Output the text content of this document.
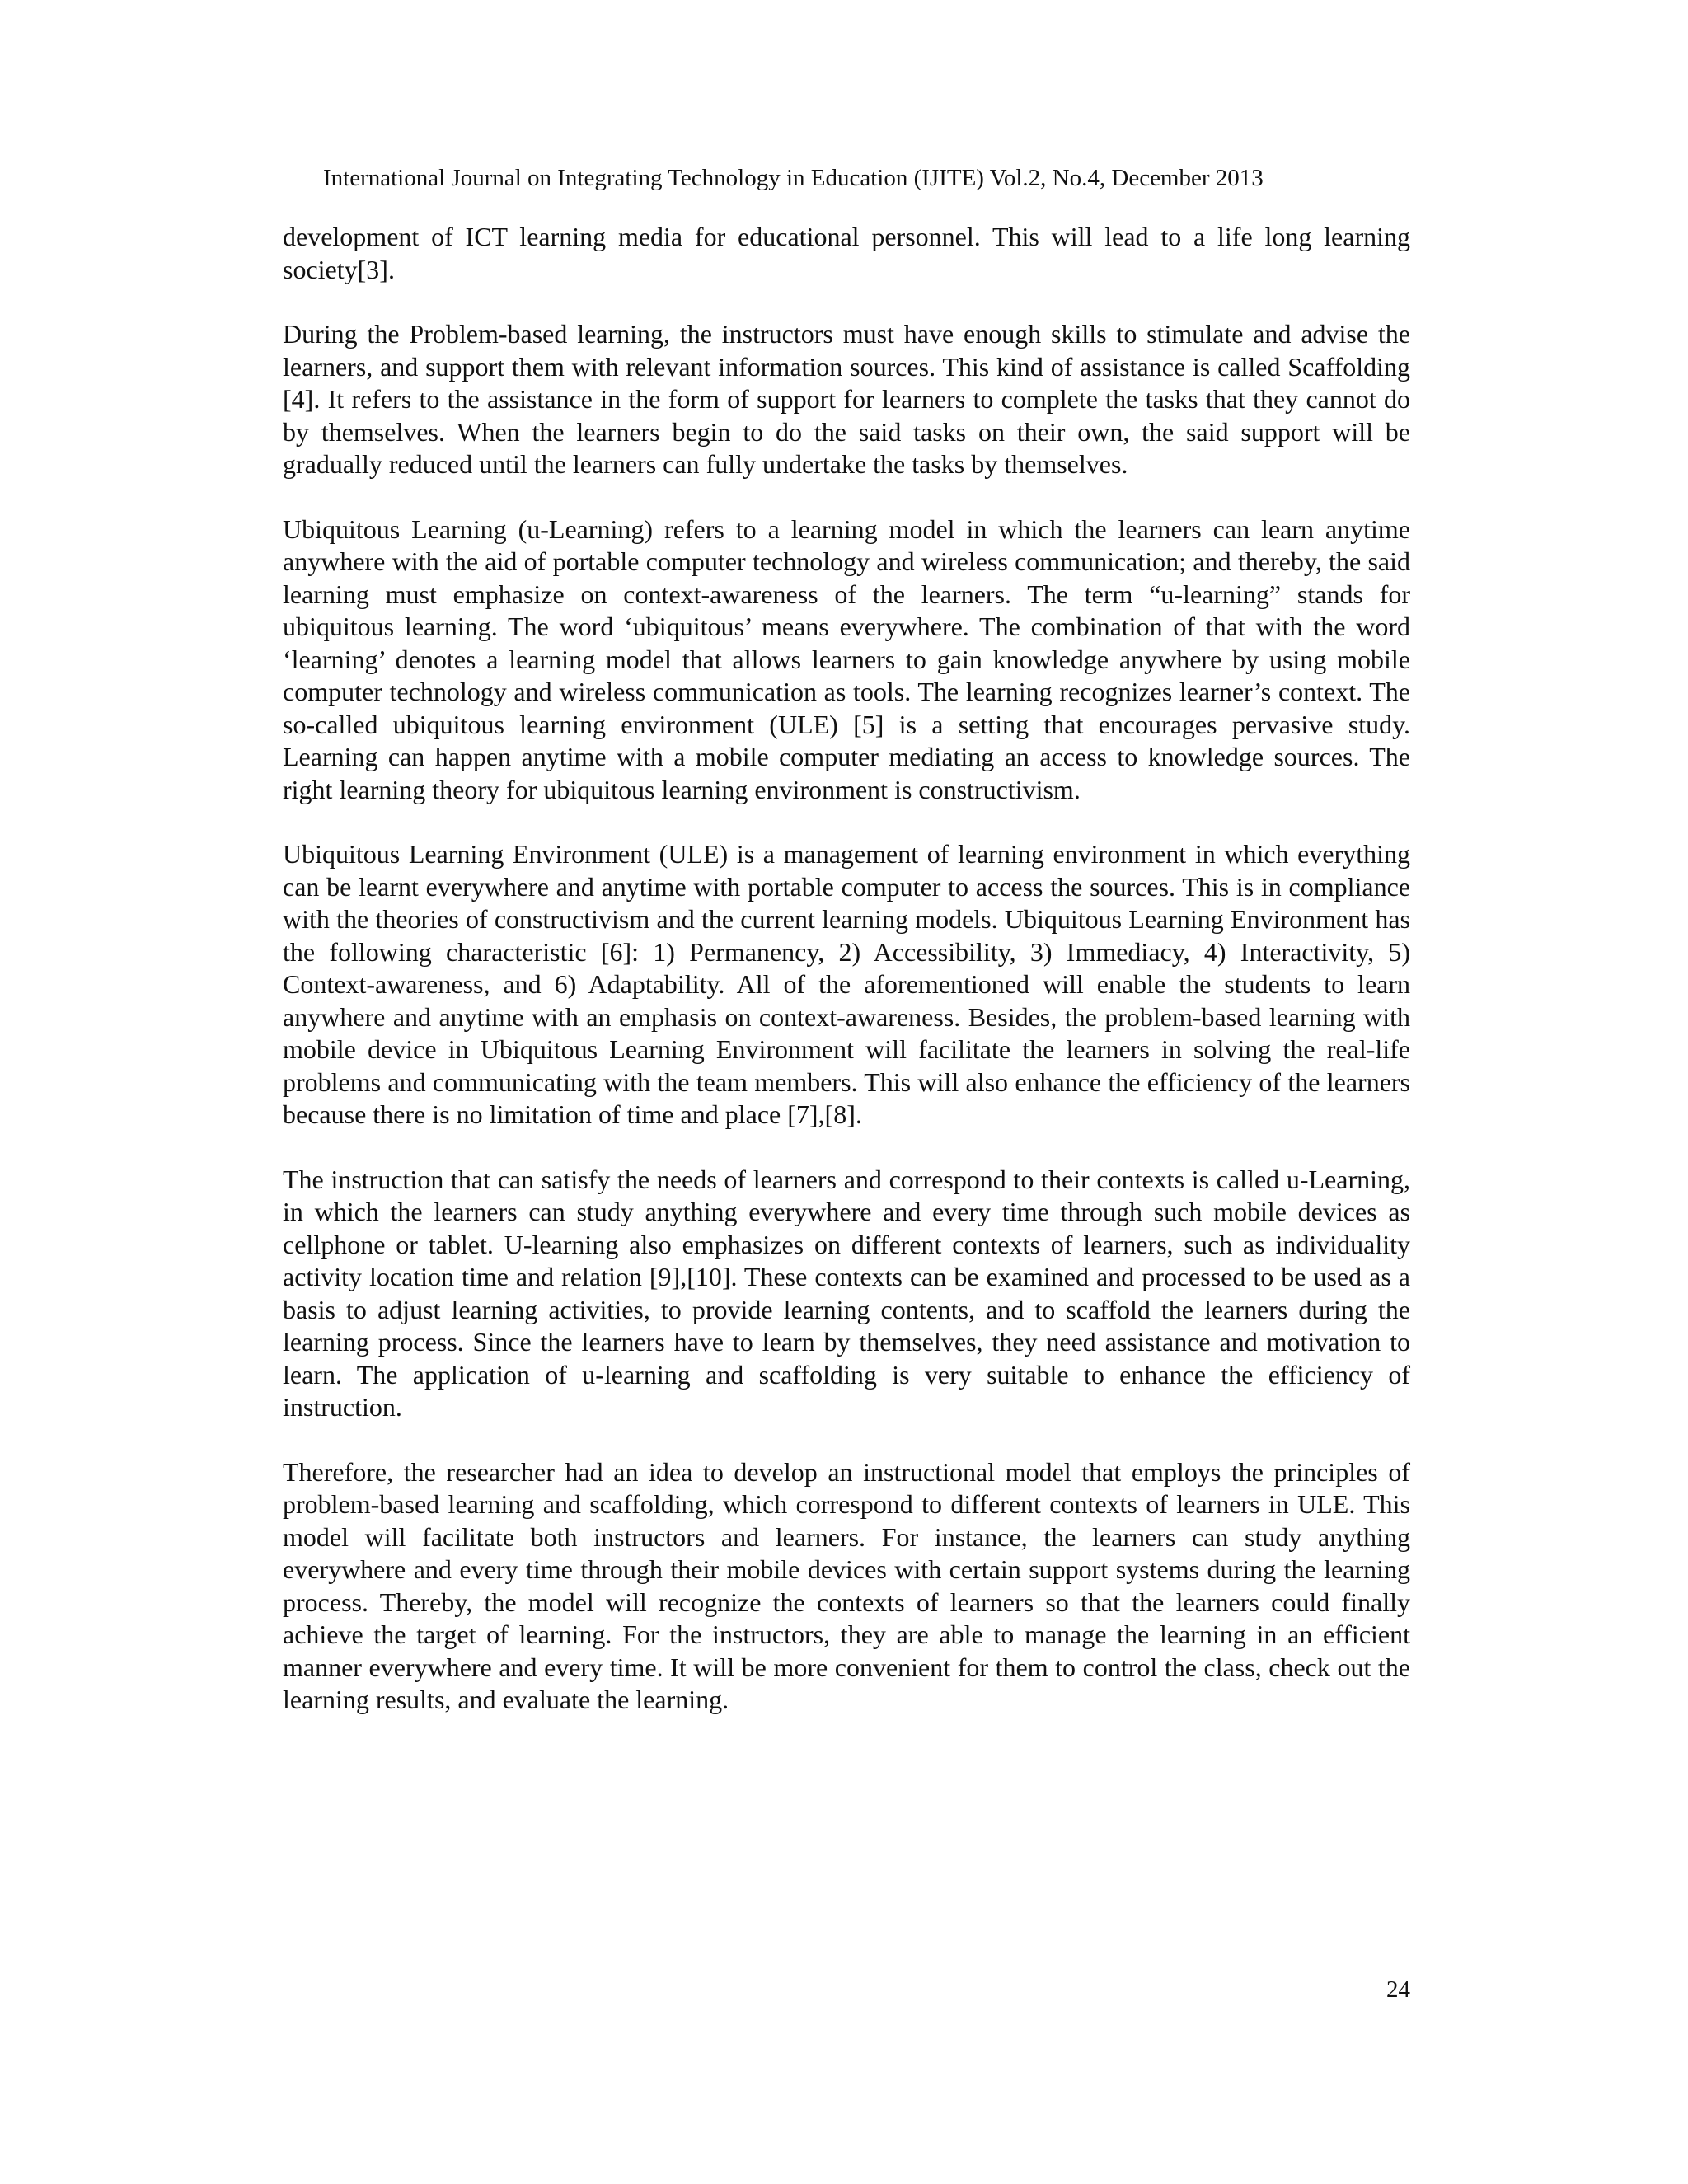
International Journal on Integrating Technology in Education (IJITE) Vol.2, No.4, December 2013

development of ICT learning media for educational personnel. This will lead to a life long learning society[3].

During the Problem-based learning, the instructors must have enough skills to stimulate and advise the learners, and support them with relevant information sources. This kind of assistance is called Scaffolding [4]. It refers to the assistance in the form of support for learners to complete the tasks that they cannot do by themselves. When the learners begin to do the said tasks on their own, the said support will be gradually reduced until the learners can fully undertake the tasks by themselves.

Ubiquitous Learning (u-Learning) refers to a learning model in which the learners can learn anytime anywhere with the aid of portable computer technology and wireless communication; and thereby, the said learning must emphasize on context-awareness of the learners. The term “u-learning” stands for ubiquitous learning. The word ‘ubiquitous’ means everywhere. The combination of that with the word ‘learning’ denotes a learning model that allows learners to gain knowledge anywhere by using mobile computer technology and wireless communication as tools. The learning recognizes learner’s context. The so-called ubiquitous learning environment (ULE) [5] is a setting that encourages pervasive study. Learning can happen anytime with a mobile computer mediating an access to knowledge sources. The right learning theory for ubiquitous learning environment is constructivism.

Ubiquitous Learning Environment (ULE) is a management of learning environment in which everything can be learnt everywhere and anytime with portable computer to access the sources. This is in compliance with the theories of constructivism and the current learning models. Ubiquitous Learning Environment has the following characteristic [6]: 1) Permanency, 2) Accessibility, 3) Immediacy, 4) Interactivity, 5) Context-awareness, and 6) Adaptability. All of the aforementioned will enable the students to learn anywhere and anytime with an emphasis on context-awareness. Besides, the problem-based learning with mobile device in Ubiquitous Learning Environment will facilitate the learners in solving the real-life problems and communicating with the team members. This will also enhance the efficiency of the learners because there is no limitation of time and place [7],[8].

The instruction that can satisfy the needs of learners and correspond to their contexts is called u-Learning, in which the learners can study anything everywhere and every time through such mobile devices as cellphone or tablet. U-learning also emphasizes on different contexts of learners, such as individuality activity location time and relation [9],[10]. These contexts can be examined and processed to be used as a basis to adjust learning activities, to provide learning contents, and to scaffold the learners during the learning process. Since the learners have to learn by themselves, they need assistance and motivation to learn. The application of u-learning and scaffolding is very suitable to enhance the efficiency of instruction.

Therefore, the researcher had an idea to develop an instructional model that employs the principles of problem-based learning and scaffolding, which correspond to different contexts of learners in ULE. This model will facilitate both instructors and learners. For instance, the learners can study anything everywhere and every time through their mobile devices with certain support systems during the learning process. Thereby, the model will recognize the contexts of learners so that the learners could finally achieve the target of learning. For the instructors, they are able to manage the learning in an efficient manner everywhere and every time. It will be more convenient for them to control the class, check out the learning results, and evaluate the learning.

24
